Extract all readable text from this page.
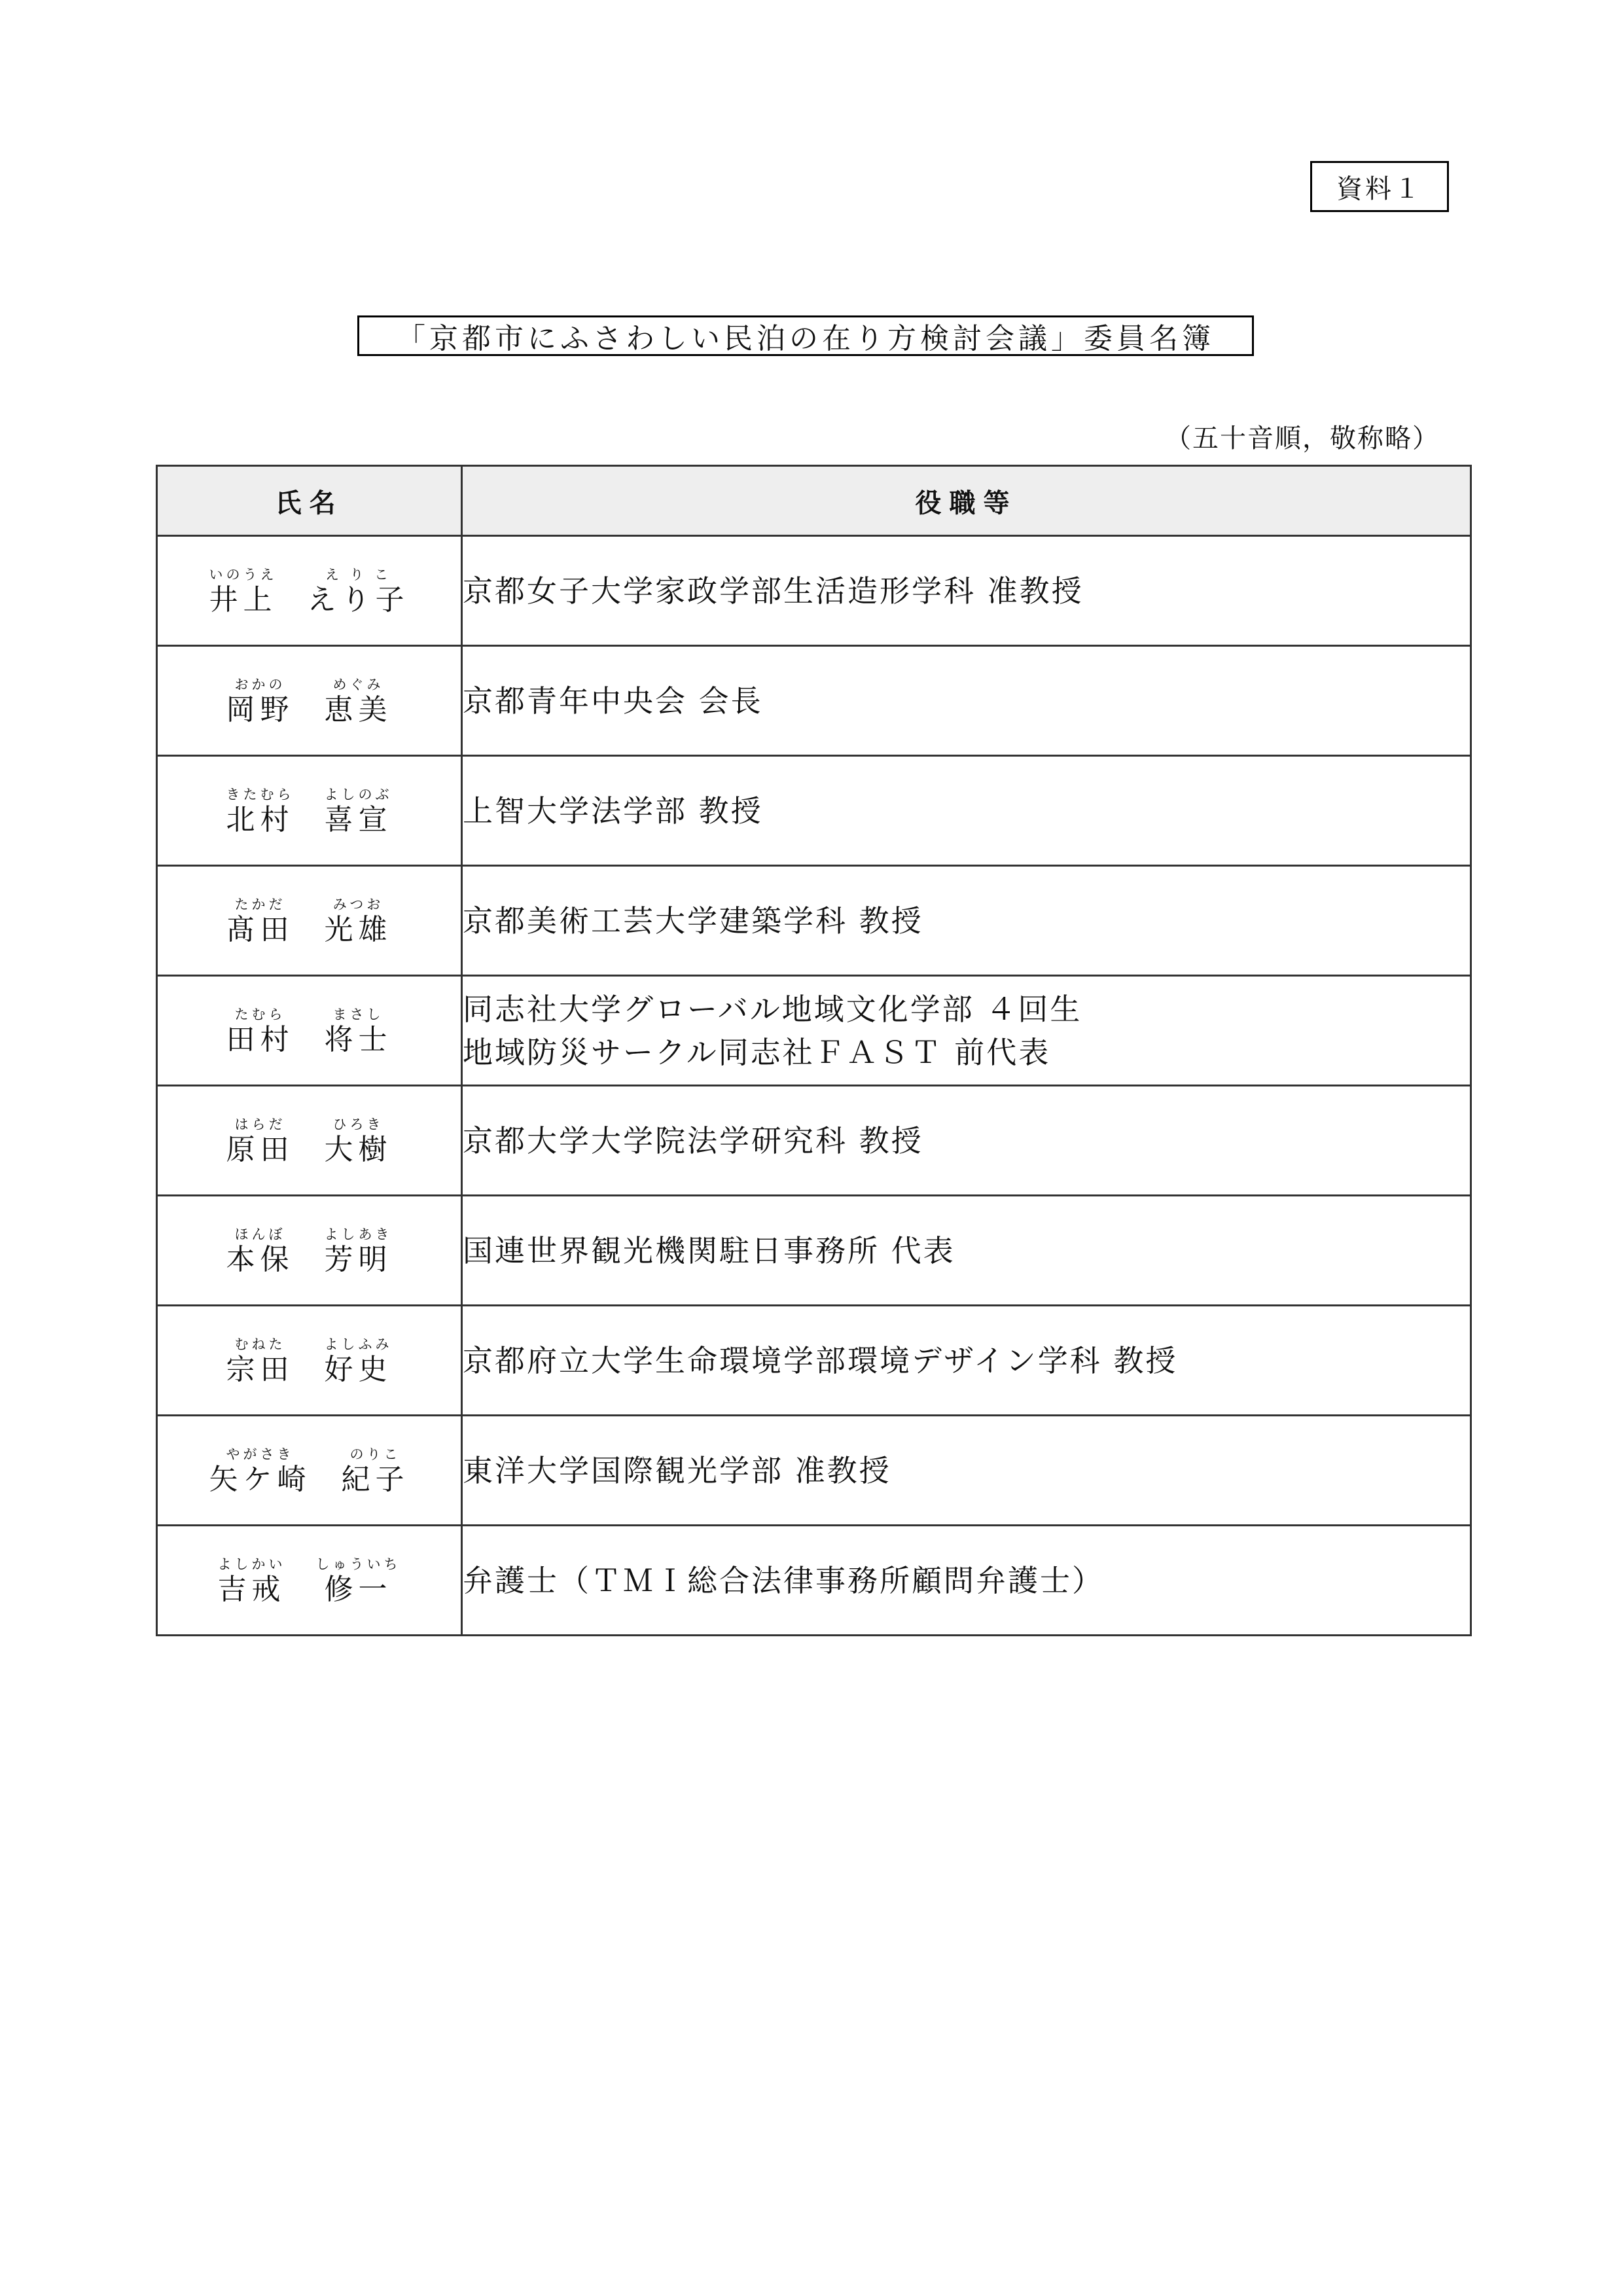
資料１
「京都市にふさわしい民泊の在り方検討会議」委員名簿
（五十音順，敬称略）
氏名	役職等

いのうえ
井上
え り こ
えり子	京都女子大学家政学部生活造形学科 准教授

おかの
岡野
めぐみ
恵美	京都青年中央会 会長

きたむら
北村
よしのぶ
喜宣	上智大学法学部 教授

たかだ
髙田
みつお
光雄	京都美術工芸大学建築学科 教授

たむら
田村
まさし
将士	同志社大学グローバル地域文化学部 ４回生
地域防災サークル同志社ＦＡＳＴ 前代表

はらだ
原田
ひろき
大樹	京都大学大学院法学研究科 教授

ほんぼ
本保
よしあき
芳明	国連世界観光機関駐日事務所 代表

むねた
宗田
よしふみ
好史	京都府立大学生命環境学部環境デザイン学科 教授

やがさき
矢ケ崎
のりこ
紀子	東洋大学国際観光学部 准教授

よしかい
吉戒
しゅういち
修一	弁護士（ＴＭＩ総合法律事務所顧問弁護士）
